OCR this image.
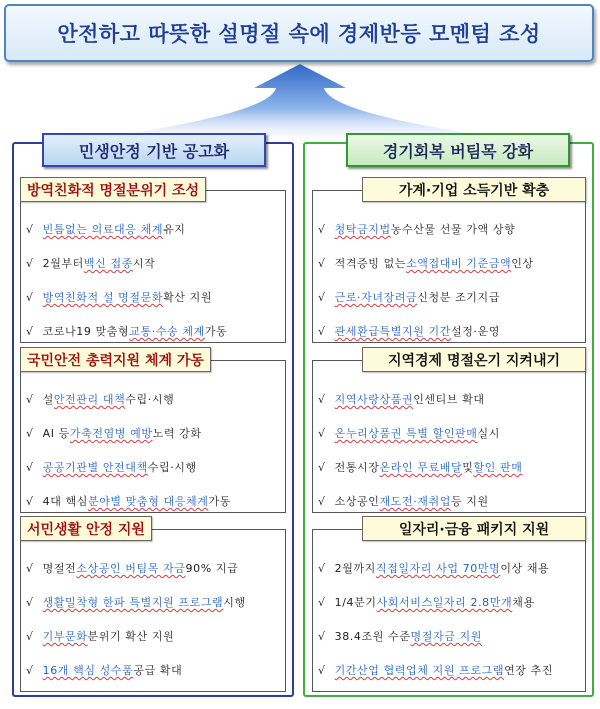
안전하고 따뜻한 설명절 속에 경제반등 모멘텀 조성
민생안정 기반 공고화	경기회복 버팀목 강화
방역친화적 명절분위기 조성
√ 빈틈없는 의료대응 체계 유지
√ 2월부터 백신 접종 시작
√ 방역친화적 설 명절문화 확산 지원
√ 코로나19 맞춤형 교통·수송 체계 가동
국민안전 총력지원 체계 가동
√ 설 안전관리 대책 수립·시행
√ AI 등 가축전염병 예방 노력 강화
√ 공공기관별 안전대책 수립·시행
√ 4대 핵심 분야별 맞춤형 대응체계 가동
서민생활 안정 지원
√ 명절전 소상공인 버팀목 자금 90% 지급
√ 생활밀착형 한파 특별지원 프로그램 시행
√ 기부문화 분위기 확산 지원
√ 16개 핵심 성수품 공급 확대
가계·기업 소득기반 확충
√ 청탁금지법 농수산물 선물 가액 상향
√ 적격증빙 없는 소액접대비 기준금액 인상
√ 근로·자녀장려금 신청분 조기지급
√ 관세환급특별지원 기간 설정·운영
지역경제 명절온기 지켜내기
√ 지역사랑상품권 인센티브 확대
√ 온누리상품권 특별 할인판매 실시
√ 전통시장 온라인 무료배달 및 할인 판매
√ 소상공인 재도전·재취업 등 지원
일자리·금융 패키지 지원
√ 2월까지 직접일자리 사업 70만명 이상 채용
√ 1/4분기 사회서비스일자리 2.8만개 채용
√ 38.4조원 수준 명절자금 지원
√ 기간산업 협력업체 지원 프로그램 연장 추진
